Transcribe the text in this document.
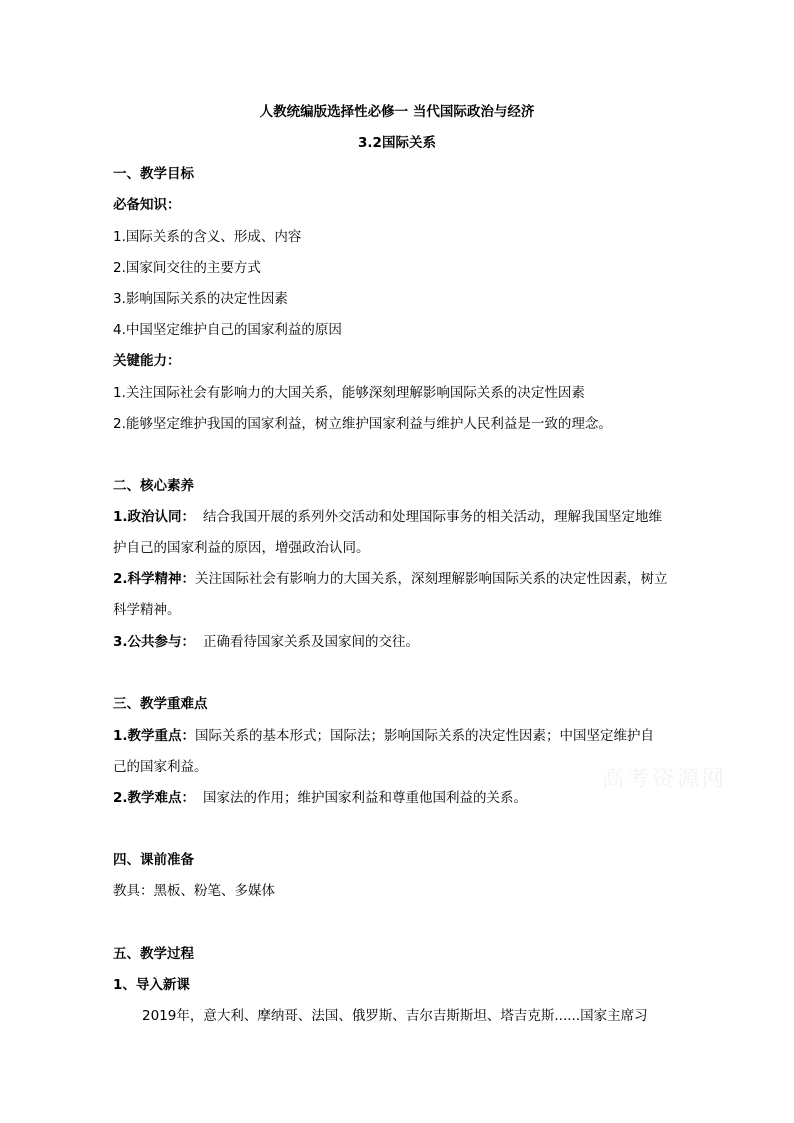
人教统编版选择性必修一 当代国际政治与经济
3.2国际关系
一、教学目标
必备知识：
1.国际关系的含义、形成、内容
2.国家间交往的主要方式
3.影响国际关系的决定性因素
4.中国坚定维护自己的国家利益的原因
关键能力：
1.关注国际社会有影响力的大国关系，能够深刻理解影响国际关系的决定性因素
2.能够坚定维护我国的国家利益，树立维护国家利益与维护人民利益是一致的理念。
二、核心素养
1.政治认同： 结合我国开展的系列外交活动和处理国际事务的相关活动，理解我国坚定地维
护自己的国家利益的原因，增强政治认同。
2.科学精神：关注国际社会有影响力的大国关系，深刻理解影响国际关系的决定性因素，树立
科学精神。
3.公共参与： 正确看待国家关系及国家间的交往。
三、教学重难点
1.教学重点：国际关系的基本形式；国际法；影响国际关系的决定性因素；中国坚定维护自
己的国家利益。
2.教学难点： 国家法的作用；维护国家利益和尊重他国利益的关系。
四、课前准备
教具：黑板、粉笔、多媒体
五、教学过程
1、导入新课
2019年，意大利、摩纳哥、法国、俄罗斯、吉尔吉斯斯坦、塔吉克斯......国家主席习
高考资源网
